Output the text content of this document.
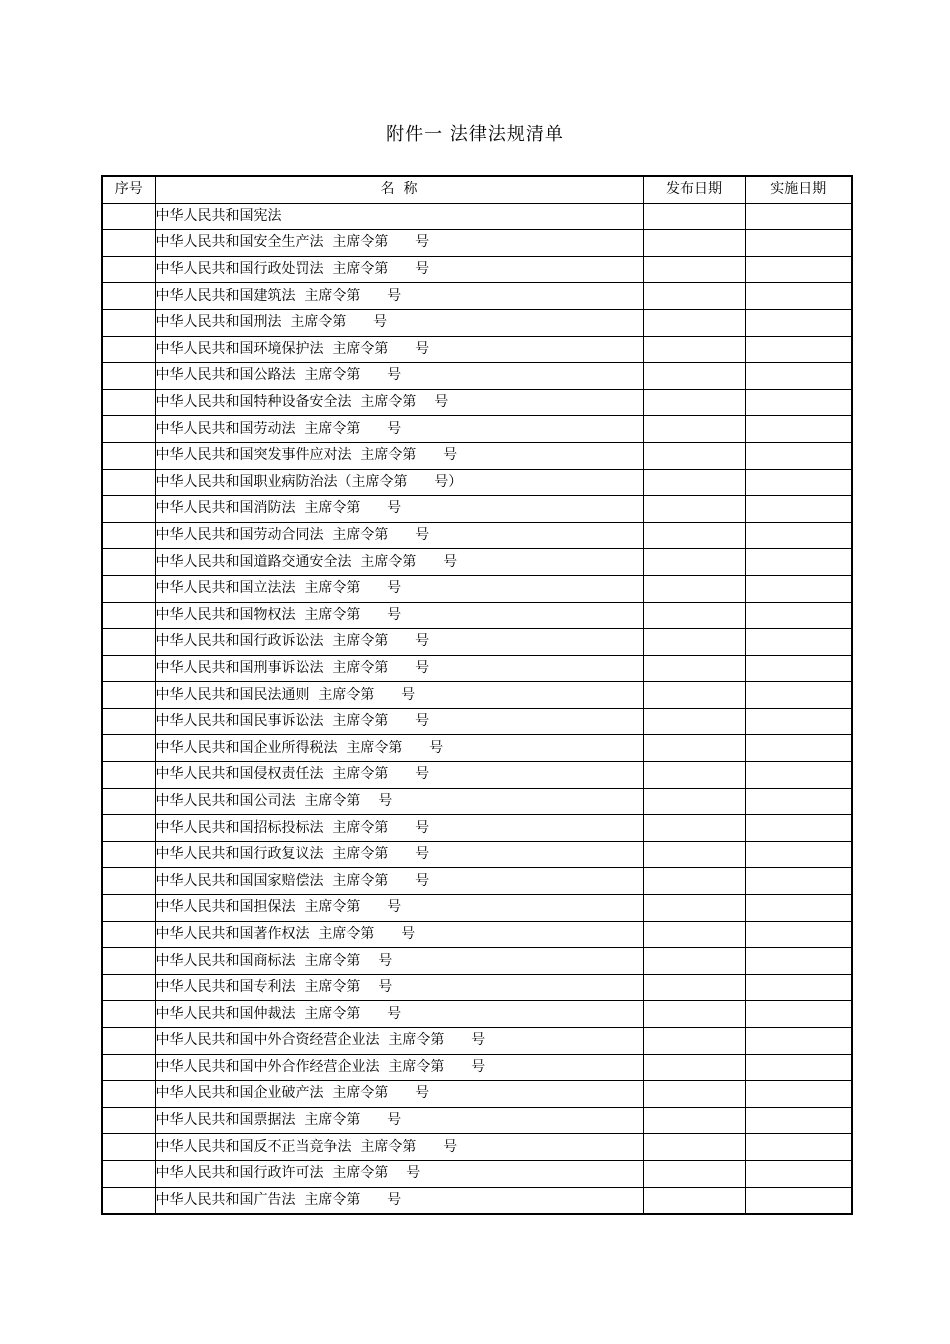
附件一 法律法规清单
序号	名  称	发布日期	实施日期
	中华人民共和国宪法		
	中华人民共和国安全生产法  主席令第      号		
	中华人民共和国行政处罚法  主席令第      号		
	中华人民共和国建筑法  主席令第      号		
	中华人民共和国刑法  主席令第      号		
	中华人民共和国环境保护法  主席令第      号		
	中华人民共和国公路法  主席令第      号		
	中华人民共和国特种设备安全法  主席令第    号		
	中华人民共和国劳动法  主席令第      号		
	中华人民共和国突发事件应对法  主席令第      号		
	中华人民共和国职业病防治法（主席令第      号）		
	中华人民共和国消防法  主席令第      号		
	中华人民共和国劳动合同法  主席令第      号		
	中华人民共和国道路交通安全法  主席令第      号		
	中华人民共和国立法法  主席令第      号		
	中华人民共和国物权法  主席令第      号		
	中华人民共和国行政诉讼法  主席令第      号		
	中华人民共和国刑事诉讼法  主席令第      号		
	中华人民共和国民法通则  主席令第      号		
	中华人民共和国民事诉讼法  主席令第      号		
	中华人民共和国企业所得税法  主席令第      号		
	中华人民共和国侵权责任法  主席令第      号		
	中华人民共和国公司法  主席令第    号		
	中华人民共和国招标投标法  主席令第      号		
	中华人民共和国行政复议法  主席令第      号		
	中华人民共和国国家赔偿法  主席令第      号		
	中华人民共和国担保法  主席令第      号		
	中华人民共和国著作权法  主席令第      号		
	中华人民共和国商标法  主席令第    号		
	中华人民共和国专利法  主席令第    号		
	中华人民共和国仲裁法  主席令第      号		
	中华人民共和国中外合资经营企业法  主席令第      号		
	中华人民共和国中外合作经营企业法  主席令第      号		
	中华人民共和国企业破产法  主席令第      号		
	中华人民共和国票据法  主席令第      号		
	中华人民共和国反不正当竞争法  主席令第      号		
	中华人民共和国行政许可法  主席令第    号		
	中华人民共和国广告法  主席令第      号		
